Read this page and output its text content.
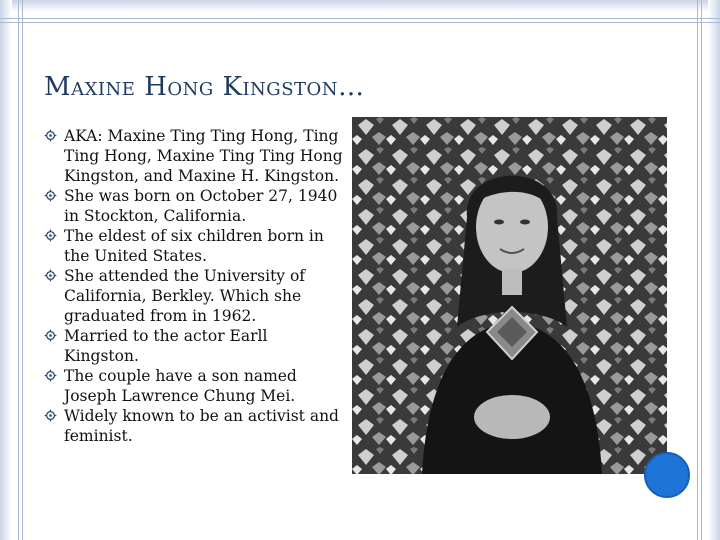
Maxine Hong Kingston…
AKA: Maxine Ting Ting Hong, Ting Ting Hong, Maxine Ting Ting Hong Kingston, and Maxine H. Kingston.
She was born on October 27, 1940 in Stockton, California.
The eldest of six children born in the United States.
She attended the University of California, Berkley. Which she graduated from in 1962.
Married to the actor Earll Kingston.
The couple have a son named Joseph Lawrence Chung Mei.
Widely known to be an activist and feminist.
